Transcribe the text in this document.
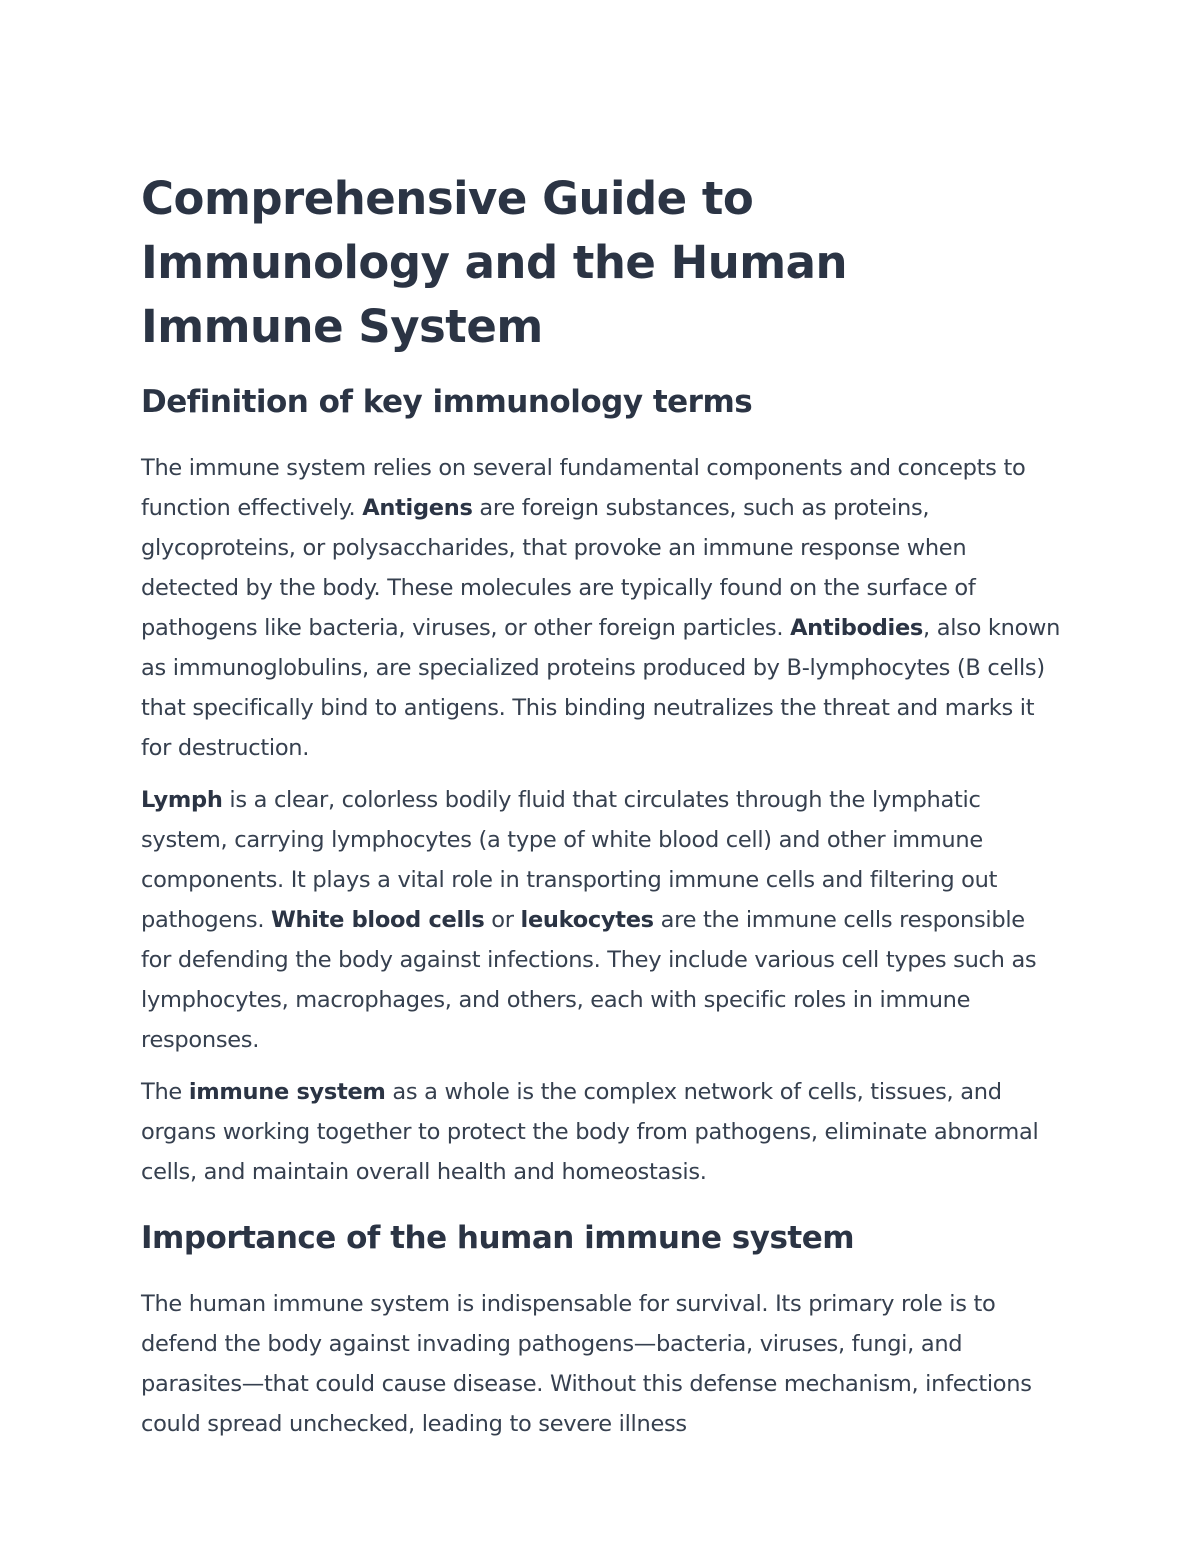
Comprehensive Guide to Immunology and the Human Immune System
Definition of key immunology terms

The immune system relies on several fundamental components and concepts to function effectively. Antigens are foreign substances, such as proteins, glycoproteins, or polysaccharides, that provoke an immune response when detected by the body. These molecules are typically found on the surface of pathogens like bacteria, viruses, or other foreign particles. Antibodies, also known as immunoglobulins, are specialized proteins produced by B-lymphocytes (B cells) that specifically bind to antigens. This binding neutralizes the threat and marks it for destruction.

Lymph is a clear, colorless bodily fluid that circulates through the lymphatic system, carrying lymphocytes (a type of white blood cell) and other immune components. It plays a vital role in transporting immune cells and filtering out pathogens. White blood cells or leukocytes are the immune cells responsible for defending the body against infections. They include various cell types such as lymphocytes, macrophages, and others, each with specific roles in immune responses.

The immune system as a whole is the complex network of cells, tissues, and organs working together to protect the body from pathogens, eliminate abnormal cells, and maintain overall health and homeostasis.

Importance of the human immune system

The human immune system is indispensable for survival. Its primary role is to defend the body against invading pathogens—bacteria, viruses, fungi, and parasites—that could cause disease. Without this defense mechanism, infections could spread unchecked, leading to severe illness
